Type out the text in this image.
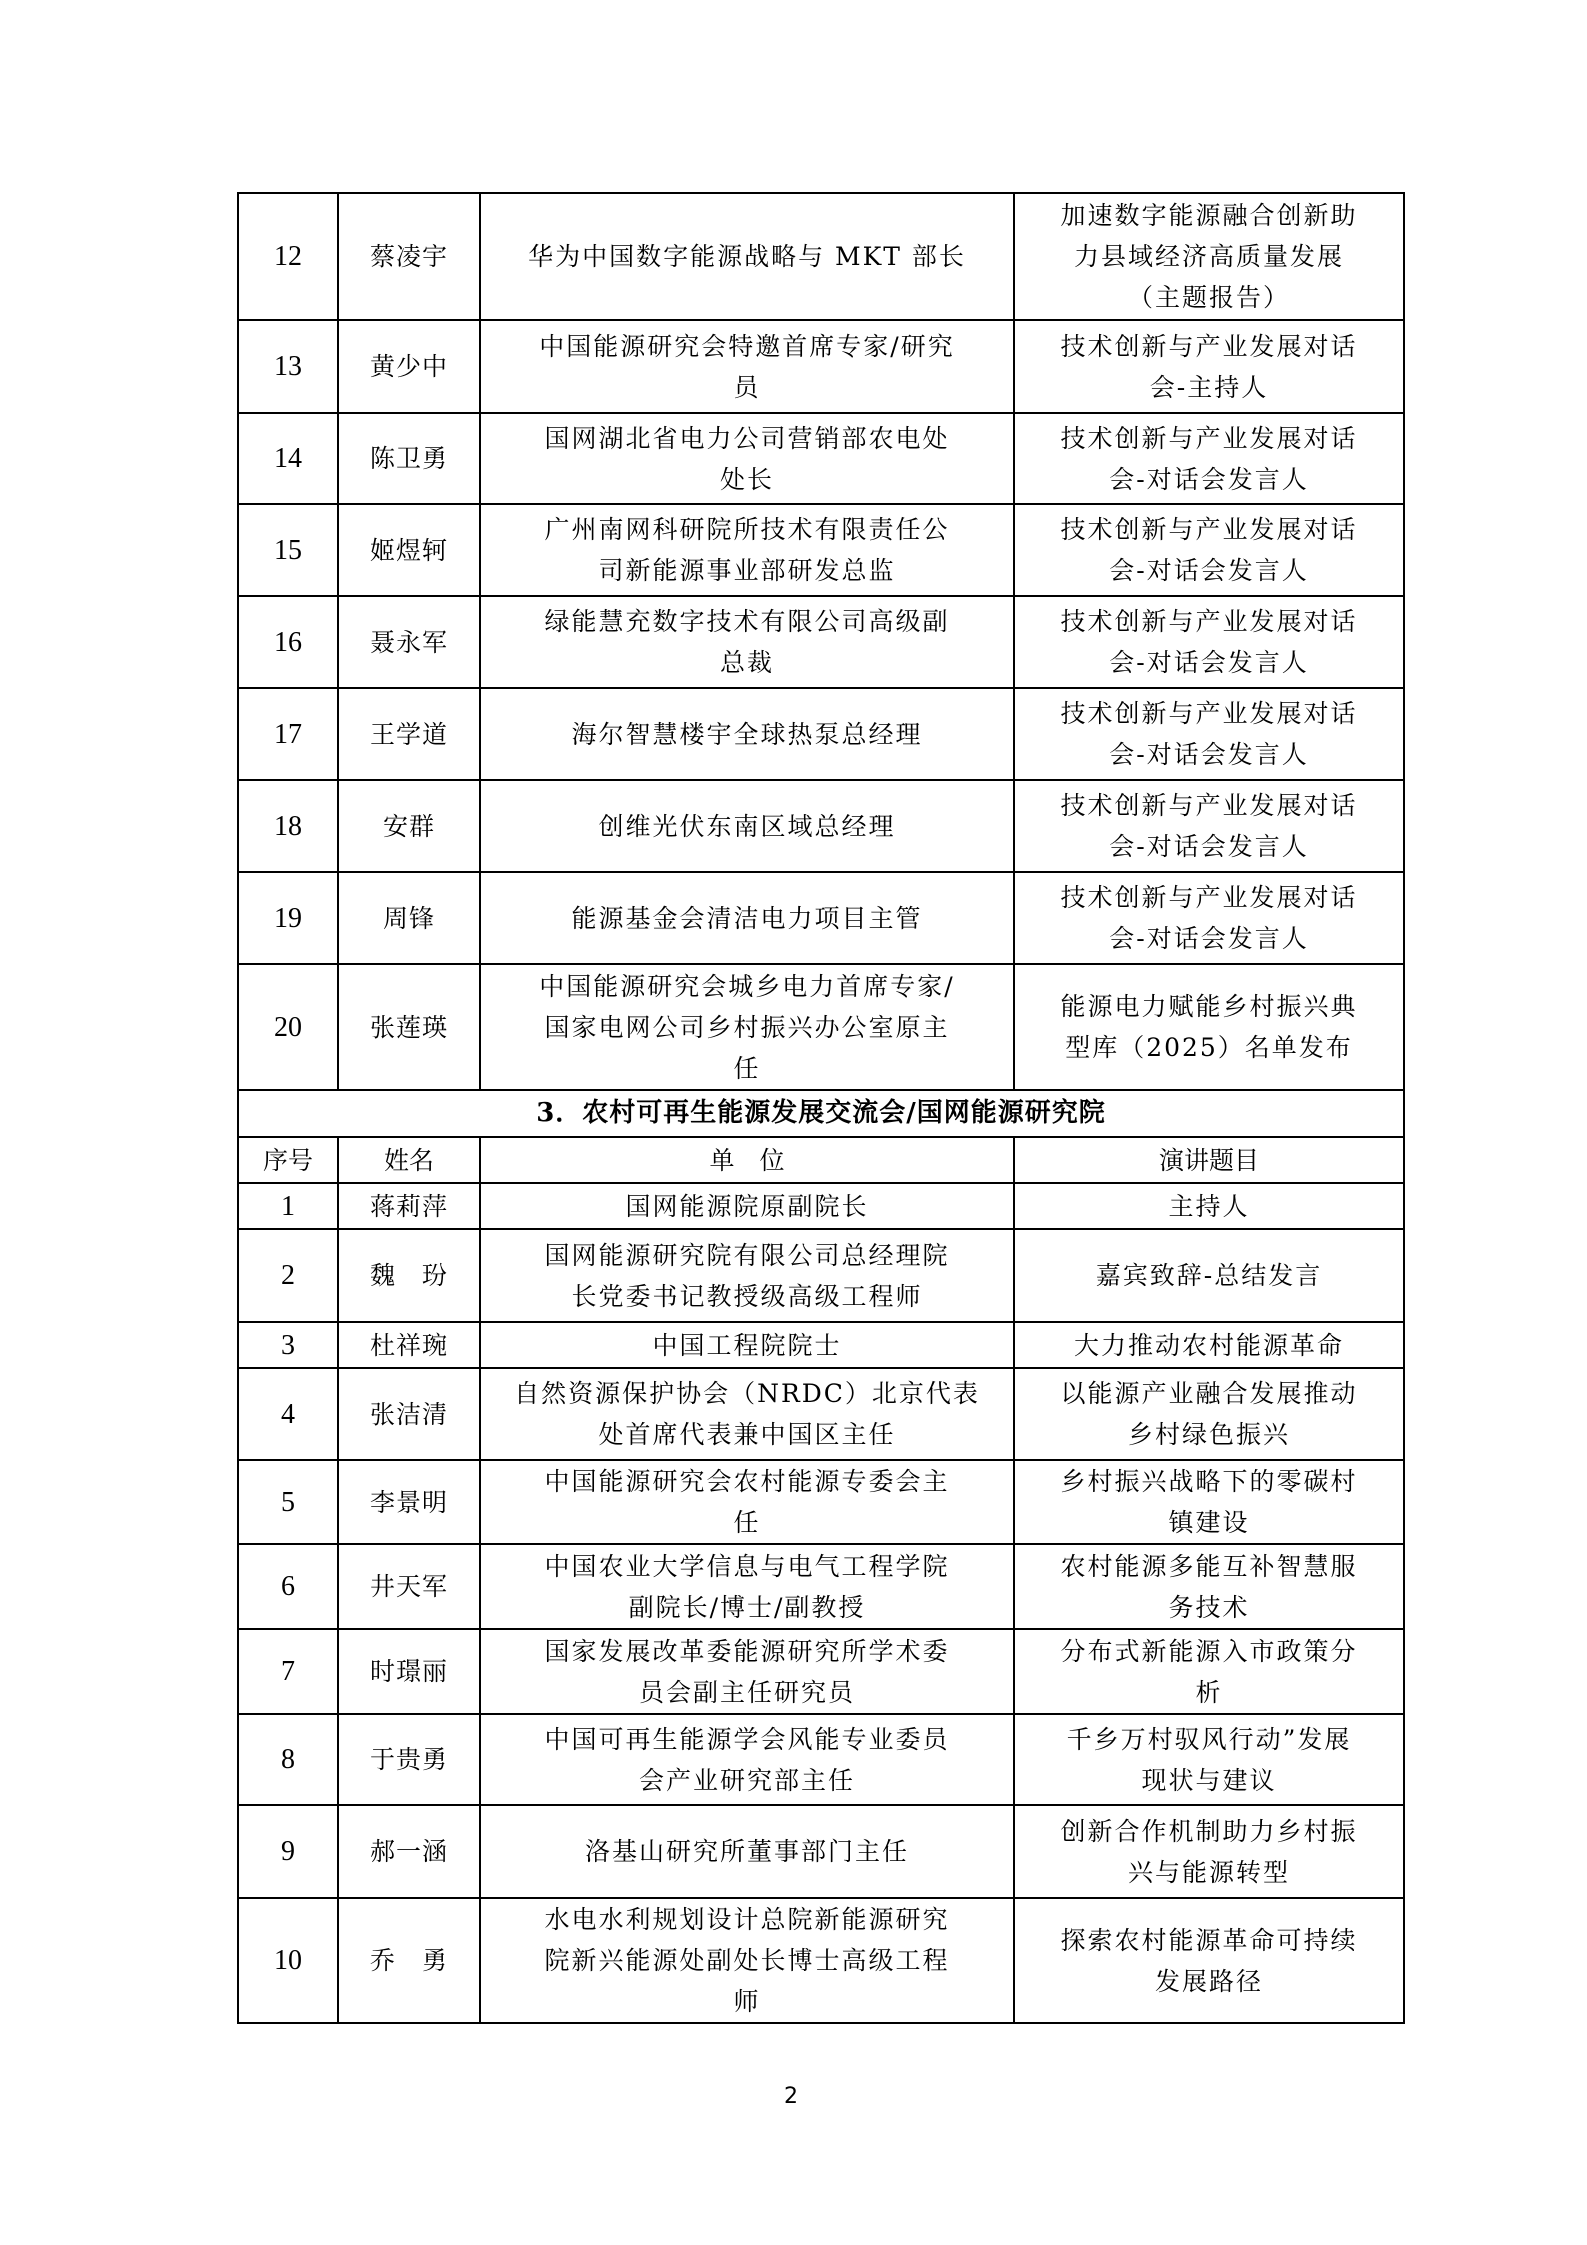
12	蔡凌宇	华为中国数字能源战略与 MKT 部长	加速数字能源融合创新助
力县域经济高质量发展
（主题报告）

13	黄少中	中国能源研究会特邀首席专家/研究
员	技术创新与产业发展对话
会-主持人

14	陈卫勇	国网湖北省电力公司营销部农电处
处长	技术创新与产业发展对话
会-对话会发言人

15	姬煜轲	广州南网科研院所技术有限责任公
司新能源事业部研发总监	技术创新与产业发展对话
会-对话会发言人

16	聂永军	绿能慧充数字技术有限公司高级副
总裁	技术创新与产业发展对话
会-对话会发言人

17	王学道	海尔智慧楼宇全球热泵总经理	技术创新与产业发展对话
会-对话会发言人

18	安群	创维光伏东南区域总经理	技术创新与产业发展对话
会-对话会发言人

19	周锋	能源基金会清洁电力项目主管	技术创新与产业发展对话
会-对话会发言人

20	张莲瑛	中国能源研究会城乡电力首席专家/
国家电网公司乡村振兴办公室原主
任	能源电力赋能乡村振兴典
型库（2025）名单发布

3．农村可再生能源发展交流会/国网能源研究院			
序号	姓名	单　位	演讲题目
1	蒋莉萍	国网能源院原副院长	主持人

2	魏　玢	国网能源研究院有限公司总经理院
长党委书记教授级高级工程师	嘉宾致辞-总结发言

3	杜祥琬	中国工程院院士	大力推动农村能源革命

4	张洁清	自然资源保护协会（NRDC）北京代表
处首席代表兼中国区主任	以能源产业融合发展推动
乡村绿色振兴

5	李景明	中国能源研究会农村能源专委会主
任	乡村振兴战略下的零碳村
镇建设

6	井天军	中国农业大学信息与电气工程学院
副院长/博士/副教授	农村能源多能互补智慧服
务技术

7	时璟丽	国家发展改革委能源研究所学术委
员会副主任研究员	分布式新能源入市政策分
析

8	于贵勇	中国可再生能源学会风能专业委员
会产业研究部主任	千乡万村驭风行动”发展
现状与建议

9	郝一涵	洛基山研究所董事部门主任	创新合作机制助力乡村振
兴与能源转型

10	乔　勇	水电水利规划设计总院新能源研究
院新兴能源处副处长博士高级工程
师	探索农村能源革命可持续
发展路径
2
